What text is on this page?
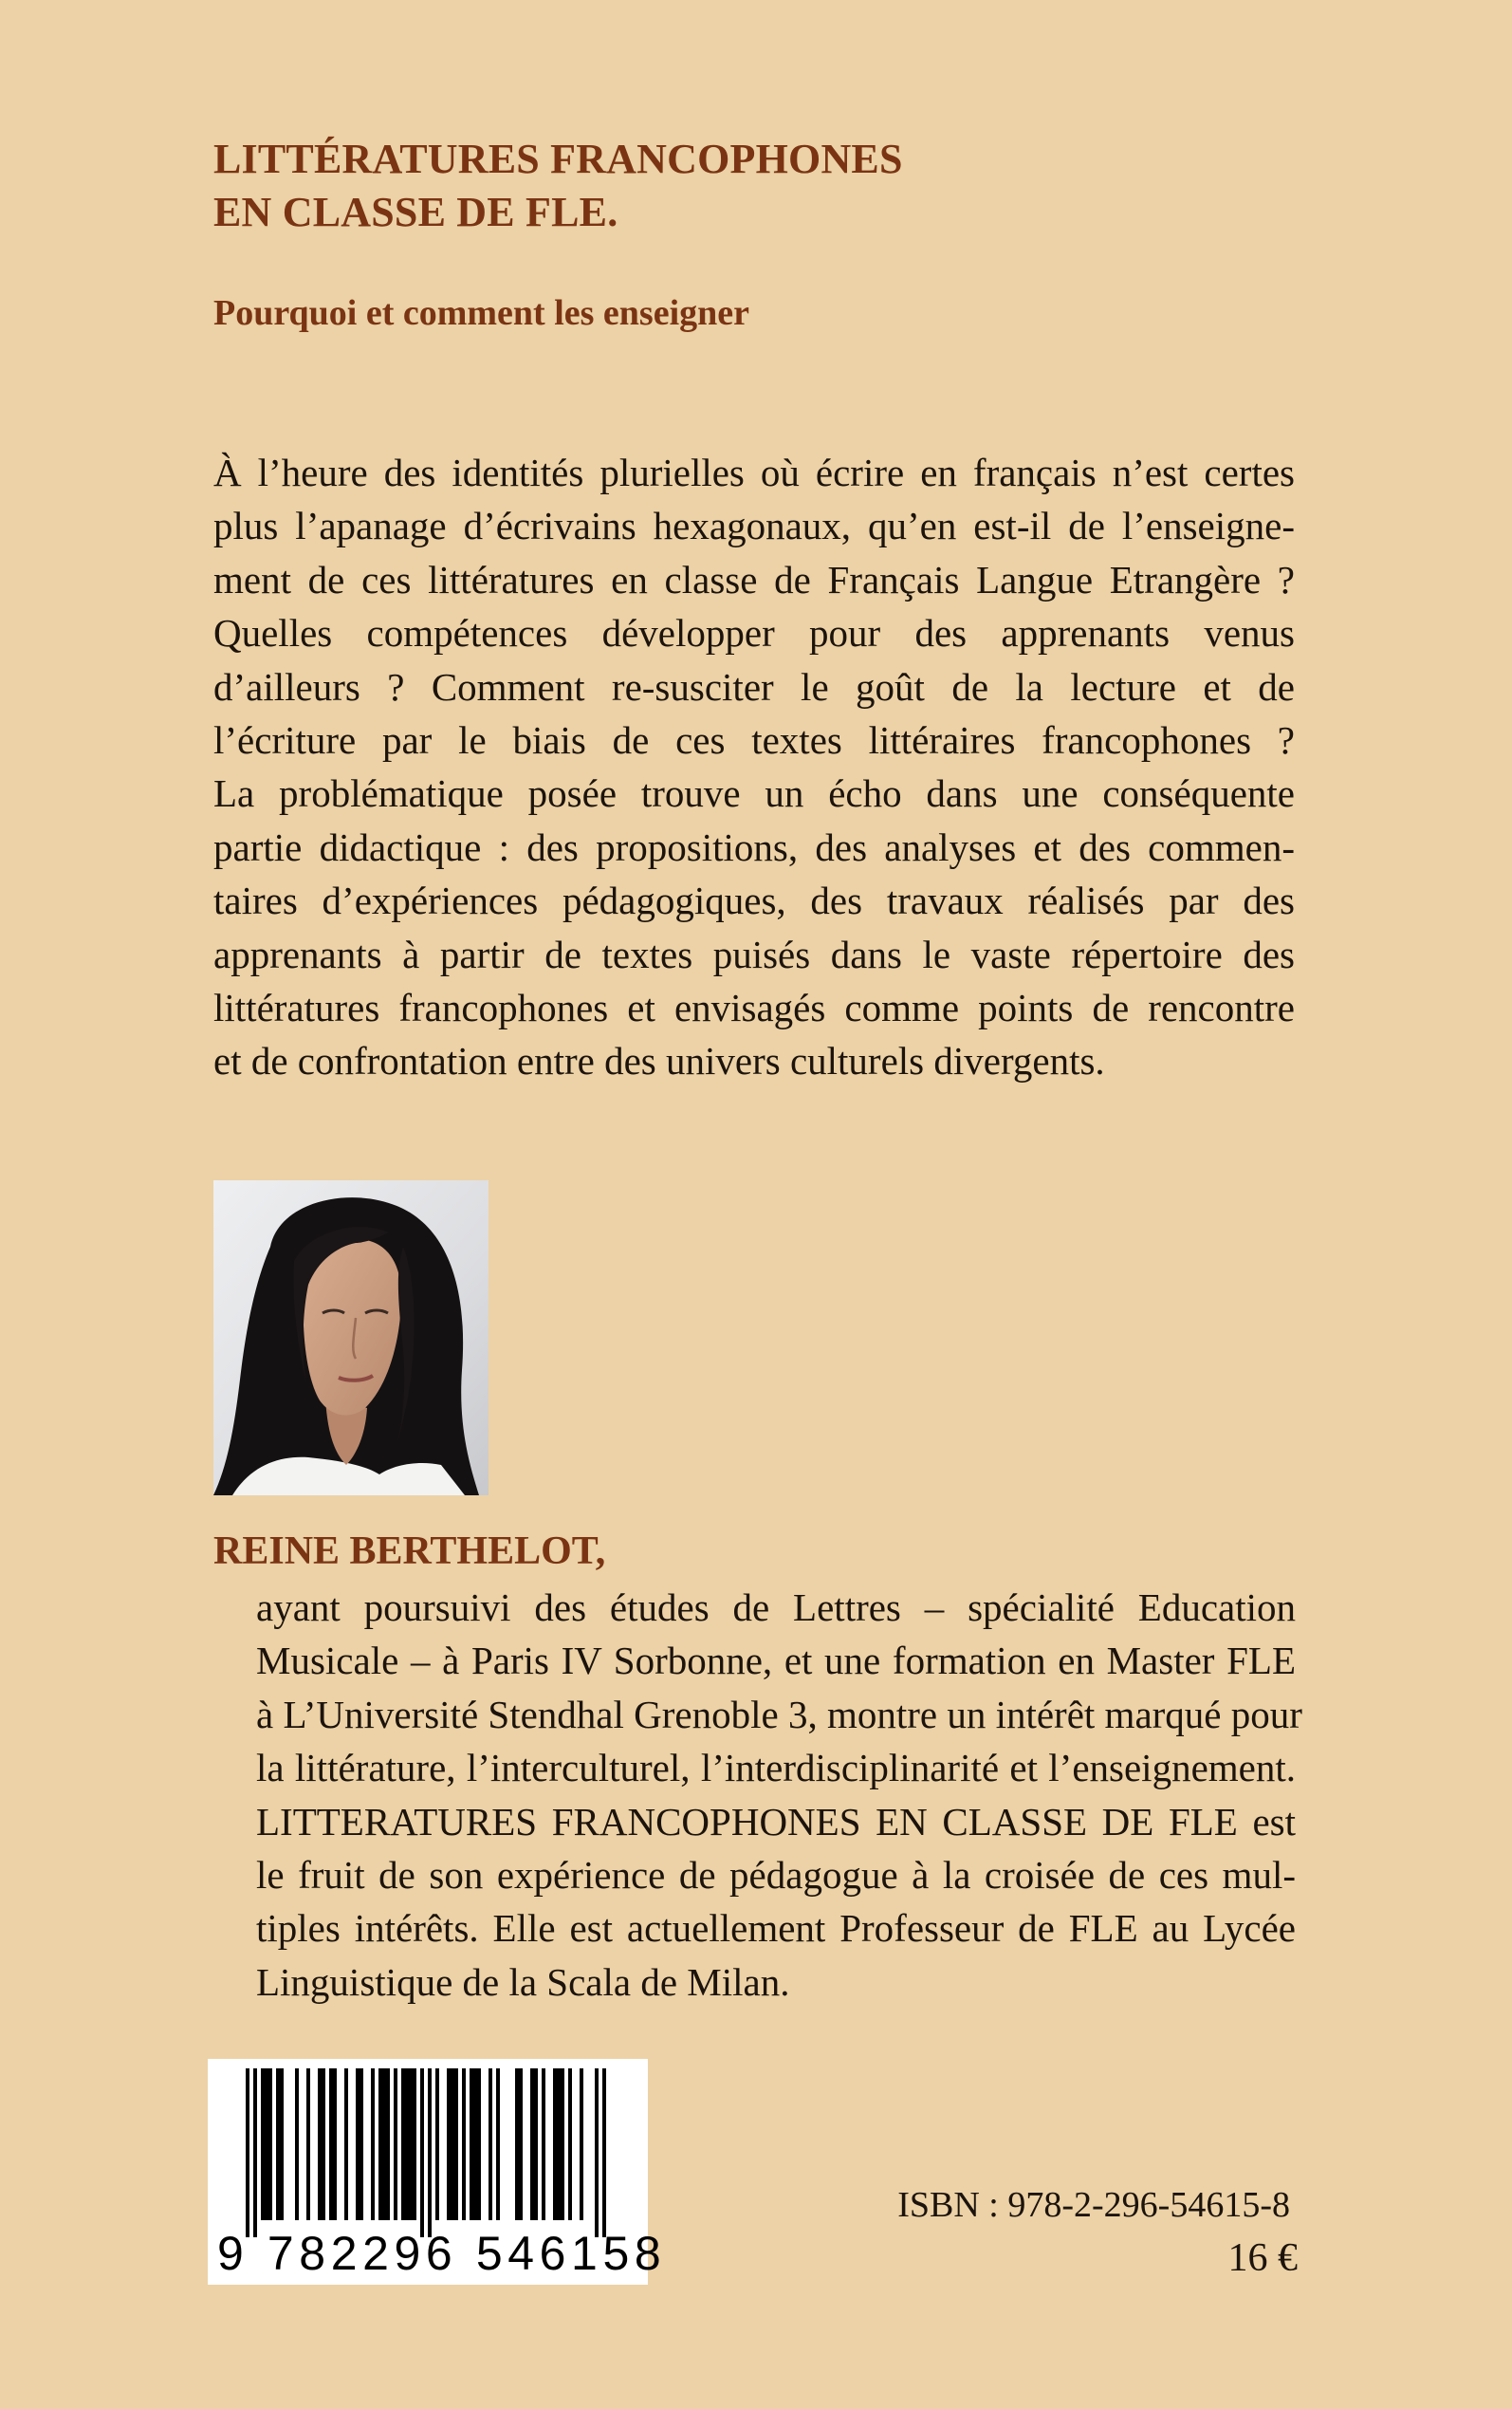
LITTÉRATURES FRANCOPHONES
EN CLASSE DE FLE.
Pourquoi et comment les enseigner
À l’heure des identités plurielles où écrire en français n’est certes
plus l’apanage d’écrivains hexagonaux, qu’en est-il de l’enseigne-
ment de ces littératures en classe de Français Langue Etrangère ?
Quelles compétences développer pour des apprenants venus
d’ailleurs ? Comment re-susciter le goût de la lecture et de
l’écriture par le biais de ces textes littéraires francophones ?
La problématique posée trouve un écho dans une conséquente
partie didactique : des propositions, des analyses et des commen-
taires d’expériences pédagogiques, des travaux réalisés par des
apprenants à partir de textes puisés dans le vaste répertoire des
littératures francophones et envisagés comme points de rencontre
et de confrontation entre des univers culturels divergents.
REINE BERTHELOT,
ayant poursuivi des études de Lettres – spécialité Education
Musicale – à Paris IV Sorbonne, et une formation en Master FLE
à L’Université Stendhal Grenoble 3, montre un intérêt marqué pour
la littérature, l’interculturel, l’interdisciplinarité et l’enseignement.
LITTERATURES FRANCOPHONES EN CLASSE DE FLE est
le fruit de son expérience de pédagogue à la croisée de ces mul-
tiples intérêts. Elle est actuellement Professeur de FLE au Lycée
Linguistique de la Scala de Milan.
9 782296 546158
ISBN : 978-2-296-54615-8
16 €
